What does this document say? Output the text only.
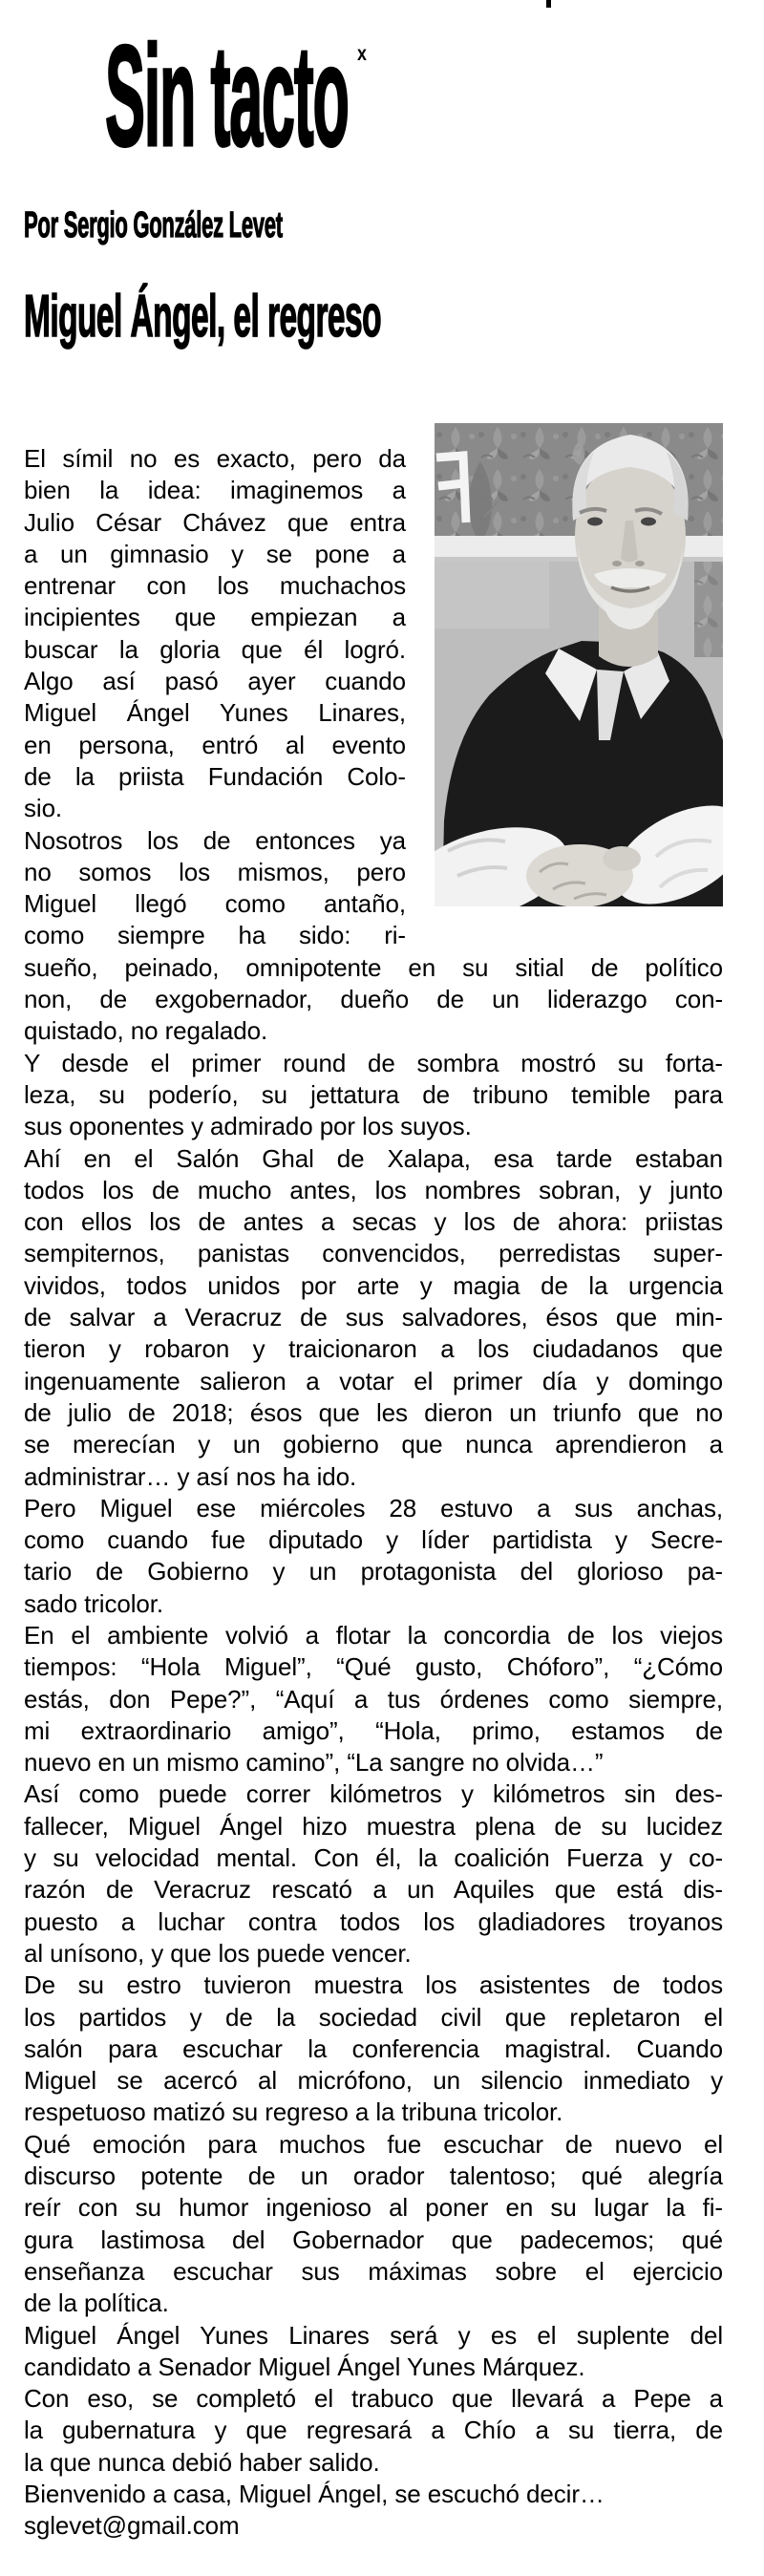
Sin tacto x
Por Sergio González Levet
Miguel Ángel, el regreso
El símil no es exacto, pero da
bien la idea: imaginemos a
Julio César Chávez que entra
a un gimnasio y se pone a
entrenar con los muchachos
incipientes que empiezan a
buscar la gloria que él logró.
Algo así pasó ayer cuando
Miguel Ángel Yunes Linares,
en persona, entró al evento
de la priista Fundación Colo-
sio.
Nosotros los de entonces ya
no somos los mismos, pero
Miguel llegó como antaño,
como siempre ha sido: ri-
sueño, peinado, omnipotente en su sitial de político
non, de exgobernador, dueño de un liderazgo con-
quistado, no regalado.
Y desde el primer round de sombra mostró su forta-
leza, su poderío, su jettatura de tribuno temible para
sus oponentes y admirado por los suyos.
Ahí en el Salón Ghal de Xalapa, esa tarde estaban
todos los de mucho antes, los nombres sobran, y junto
con ellos los de antes a secas y los de ahora: priistas
sempiternos, panistas convencidos, perredistas super-
vividos, todos unidos por arte y magia de la urgencia
de salvar a Veracruz de sus salvadores, ésos que min-
tieron y robaron y traicionaron a los ciudadanos que
ingenuamente salieron a votar el primer día y domingo
de julio de 2018; ésos que les dieron un triunfo que no
se merecían y un gobierno que nunca aprendieron a
administrar… y así nos ha ido.
Pero Miguel ese miércoles 28 estuvo a sus anchas,
como cuando fue diputado y líder partidista y Secre-
tario de Gobierno y un protagonista del glorioso pa-
sado tricolor.
En el ambiente volvió a flotar la concordia de los viejos
tiempos: “Hola Miguel”, “Qué gusto, Chóforo”, “¿Cómo
estás, don Pepe?”, “Aquí a tus órdenes como siempre,
mi extraordinario amigo”, “Hola, primo, estamos de
nuevo en un mismo camino”, “La sangre no olvida…”
Así como puede correr kilómetros y kilómetros sin des-
fallecer, Miguel Ángel hizo muestra plena de su lucidez
y su velocidad mental. Con él, la coalición Fuerza y co-
razón de Veracruz rescató a un Aquiles que está dis-
puesto a luchar contra todos los gladiadores troyanos
al unísono, y que los puede vencer.
De su estro tuvieron muestra los asistentes de todos
los partidos y de la sociedad civil que repletaron el
salón para escuchar la conferencia magistral. Cuando
Miguel se acercó al micrófono, un silencio inmediato y
respetuoso matizó su regreso a la tribuna tricolor.
Qué emoción para muchos fue escuchar de nuevo el
discurso potente de un orador talentoso; qué alegría
reír con su humor ingenioso al poner en su lugar la fi-
gura lastimosa del Gobernador que padecemos; qué
enseñanza escuchar sus máximas sobre el ejercicio
de la política.
Miguel Ángel Yunes Linares será y es el suplente del
candidato a Senador Miguel Ángel Yunes Márquez.
Con eso, se completó el trabuco que llevará a Pepe a
la gubernatura y que regresará a Chío a su tierra, de
la que nunca debió haber salido.
Bienvenido a casa, Miguel Ángel, se escuchó decir…
sglevet@gmail.com
